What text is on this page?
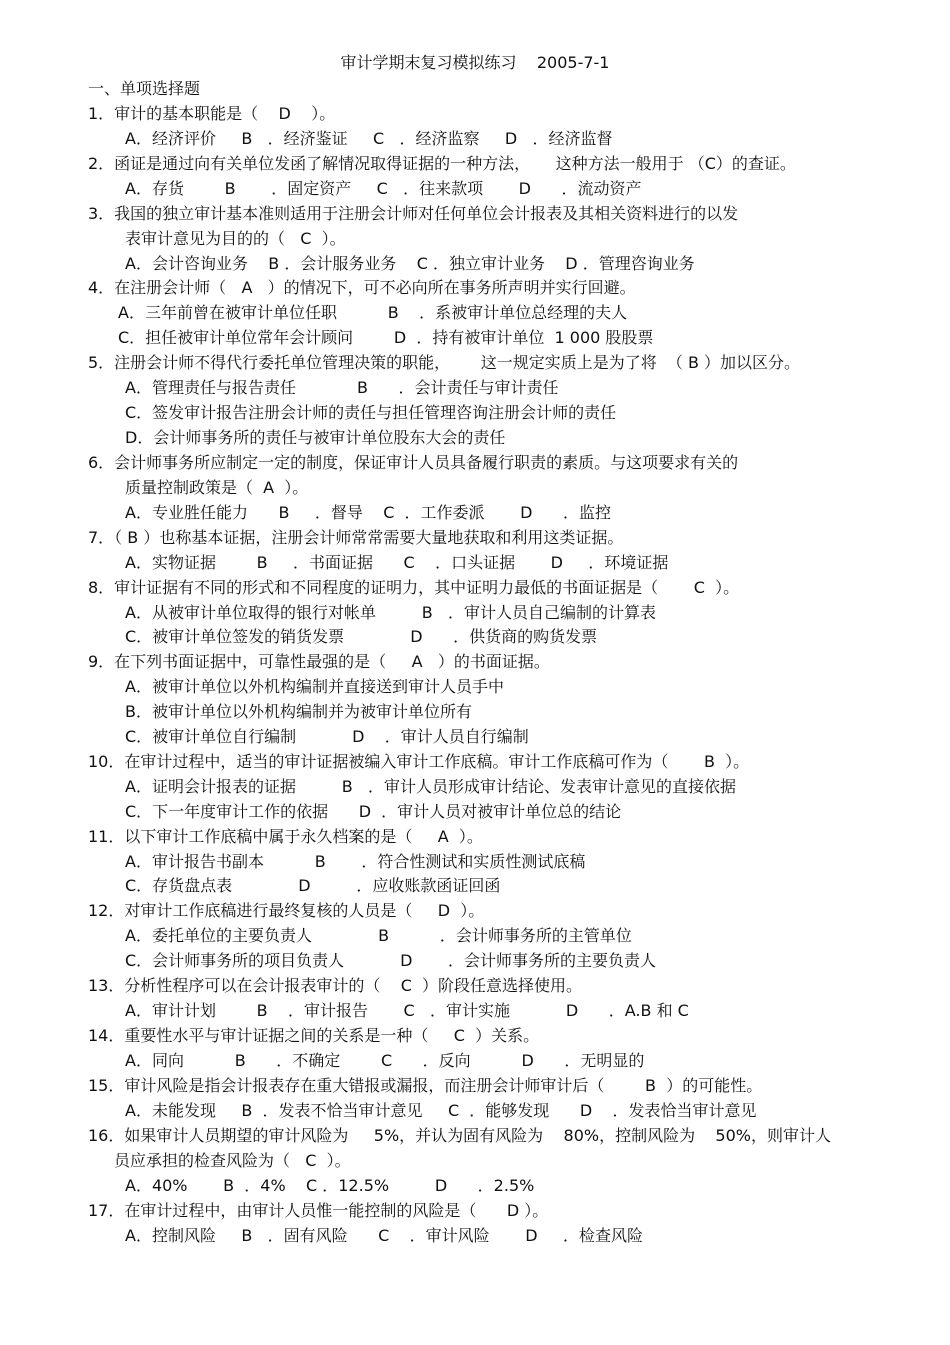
审计学期末复习模拟练习    2005-7-1
一、单项选择题
1．审计的基本职能是（    D    ）。
A．经济评价     B   ．经济鉴证     C   ．经济监察     D   ．经济监督
2．函证是通过向有关单位发函了解情况取得证据的一种方法，     这种方法一般用于 （C）的查证。
A．存货        B       ．固定资产     C   ．往来款项       D      ．流动资产
3．我国的独立审计基本准则适用于注册会计师对任何单位会计报表及其相关资料进行的以发
表审计意见为目的的（   C  ）。
A．会计咨询业务    B ．会计服务业务    C ．独立审计业务    D ．管理咨询业务
4．在注册会计师（   A   ）的情况下，可不必向所在事务所声明并实行回避。
A．三年前曾在被审计单位任职          B    ．系被审计单位总经理的夫人
C．担任被审计单位常年会计顾问        D  ．持有被审计单位  1 000 股股票
5．注册会计师不得代行委托单位管理决策的职能，      这一规定实质上是为了将  （ B ）加以区分。
A．管理责任与报告责任            B      ．会计责任与审计责任
C．签发审计报告注册会计师的责任与担任管理咨询注册会计师的责任
D．会计师事务所的责任与被审计单位股东大会的责任
6．会计师事务所应制定一定的制度，保证审计人员具备履行职责的素质。与这项要求有关的
质量控制政策是（  A  ）。
A．专业胜任能力      B     ．督导    C  ．工作委派       D      ．监控
7．（ B ）也称基本证据，注册会计师常常需要大量地获取和利用这类证据。
A．实物证据        B     ．书面证据      C    ．口头证据       D     ．环境证据
8．审计证据有不同的形式和不同程度的证明力，其中证明力最低的书面证据是（       C  ）。
A．从被审计单位取得的银行对帐单         B   ．审计人员自己编制的计算表
C．被审计单位签发的销货发票             D      ．供货商的购货发票
9．在下列书面证据中，可靠性最强的是（     A   ）的书面证据。
A．被审计单位以外机构编制并直接送到审计人员手中
B．被审计单位以外机构编制并为被审计单位所有
C．被审计单位自行编制           D    ．审计人员自行编制
10．在审计过程中，适当的审计证据被编入审计工作底稿。审计工作底稿可作为（       B  ）。
A．证明会计报表的证据         B   ．审计人员形成审计结论、发表审计意见的直接依据
C．下一年度审计工作的依据      D  ．审计人员对被审计单位总的结论
11．以下审计工作底稿中属于永久档案的是（     A  ）。
A．审计报告书副本          B       ．符合性测试和实质性测试底稿
C．存货盘点表             D         ．应收账款函证回函
12．对审计工作底稿进行最终复核的人员是（     D  ）。
A．委托单位的主要负责人             B          ．会计师事务所的主管单位
C．会计师事务所的项目负责人           D       ．会计师事务所的主要负责人
13．分析性程序可以在会计报表审计的（    C  ）阶段任意选择使用。
A．审计计划        B    ．审计报告       C   ．审计实施           D      ．A.B 和 C
14．重要性水平与审计证据之间的关系是一种（     C  ）关系。
A．同向          B      ．不确定        C      ．反向          D      ．无明显的
15．审计风险是指会计报表存在重大错报或漏报，而注册会计师审计后（        B  ）的可能性。
A．未能发现     B  ．发表不恰当审计意见     C  ．能够发现      D    ．发表恰当审计意见
16．如果审计人员期望的审计风险为     5%，并认为固有风险为    80%，控制风险为    50%，则审计人
员应承担的检查风险为（   C  ）。
A．40%       B  ．4%    C ．12.5%         D      ．2.5%
17．在审计过程中，由审计人员惟一能控制的风险是（      D ）。
A．控制风险     B   ．固有风险      C    ．审计风险       D     ．检查风险
